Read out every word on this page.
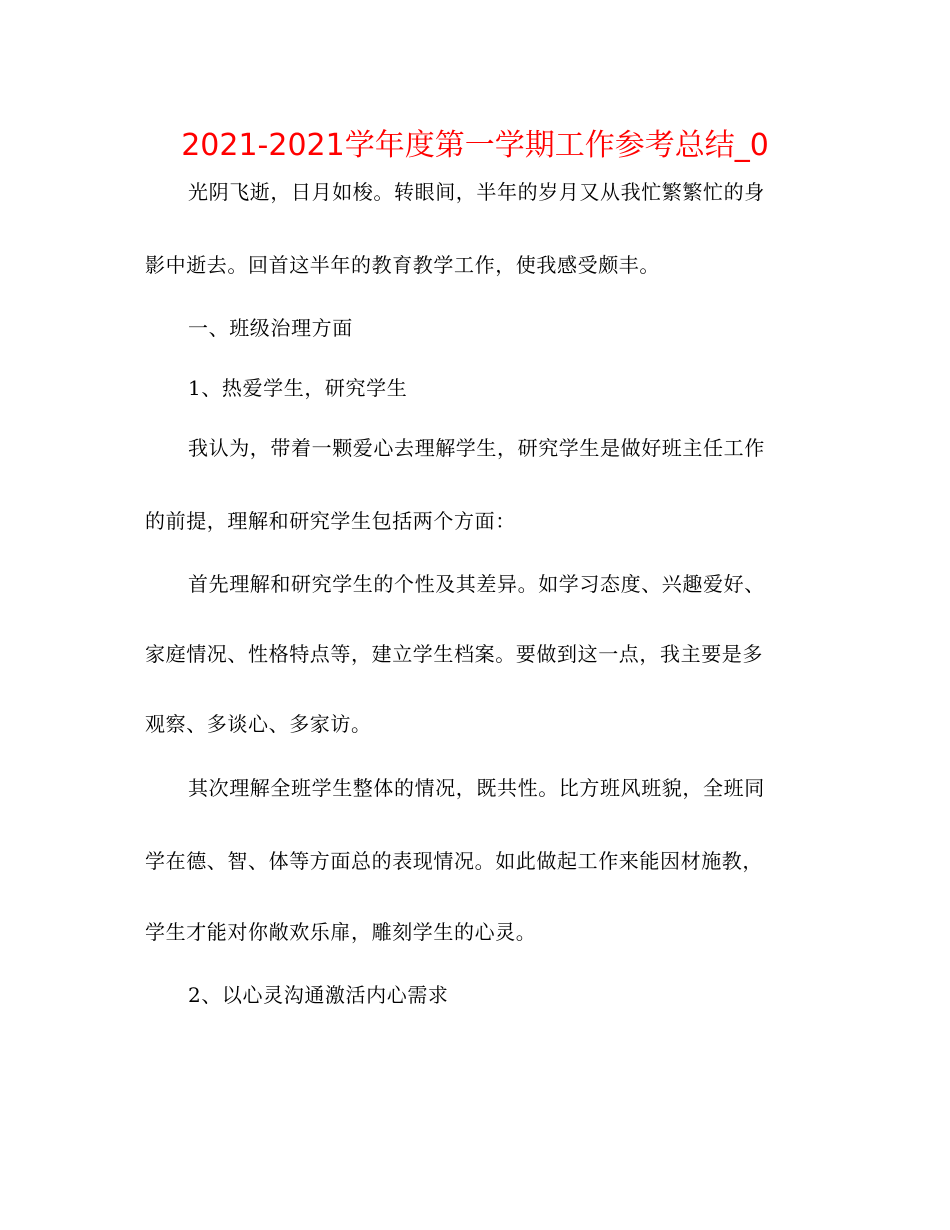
2021-2021学年度第一学期工作参考总结_0
光阴飞逝，日月如梭。转眼间，半年的岁月又从我忙繁繁忙的身
影中逝去。回首这半年的教育教学工作，使我感受颇丰。
一、班级治理方面
1、热爱学生，研究学生
我认为，带着一颗爱心去理解学生，研究学生是做好班主任工作
的前提，理解和研究学生包括两个方面：
首先理解和研究学生的个性及其差异。如学习态度、兴趣爱好、
家庭情况、性格特点等，建立学生档案。要做到这一点，我主要是多
观察、多谈心、多家访。
其次理解全班学生整体的情况，既共性。比方班风班貌，全班同
学在德、智、体等方面总的表现情况。如此做起工作来能因材施教，
学生才能对你敞欢乐扉，雕刻学生的心灵。
2、以心灵沟通激活内心需求
